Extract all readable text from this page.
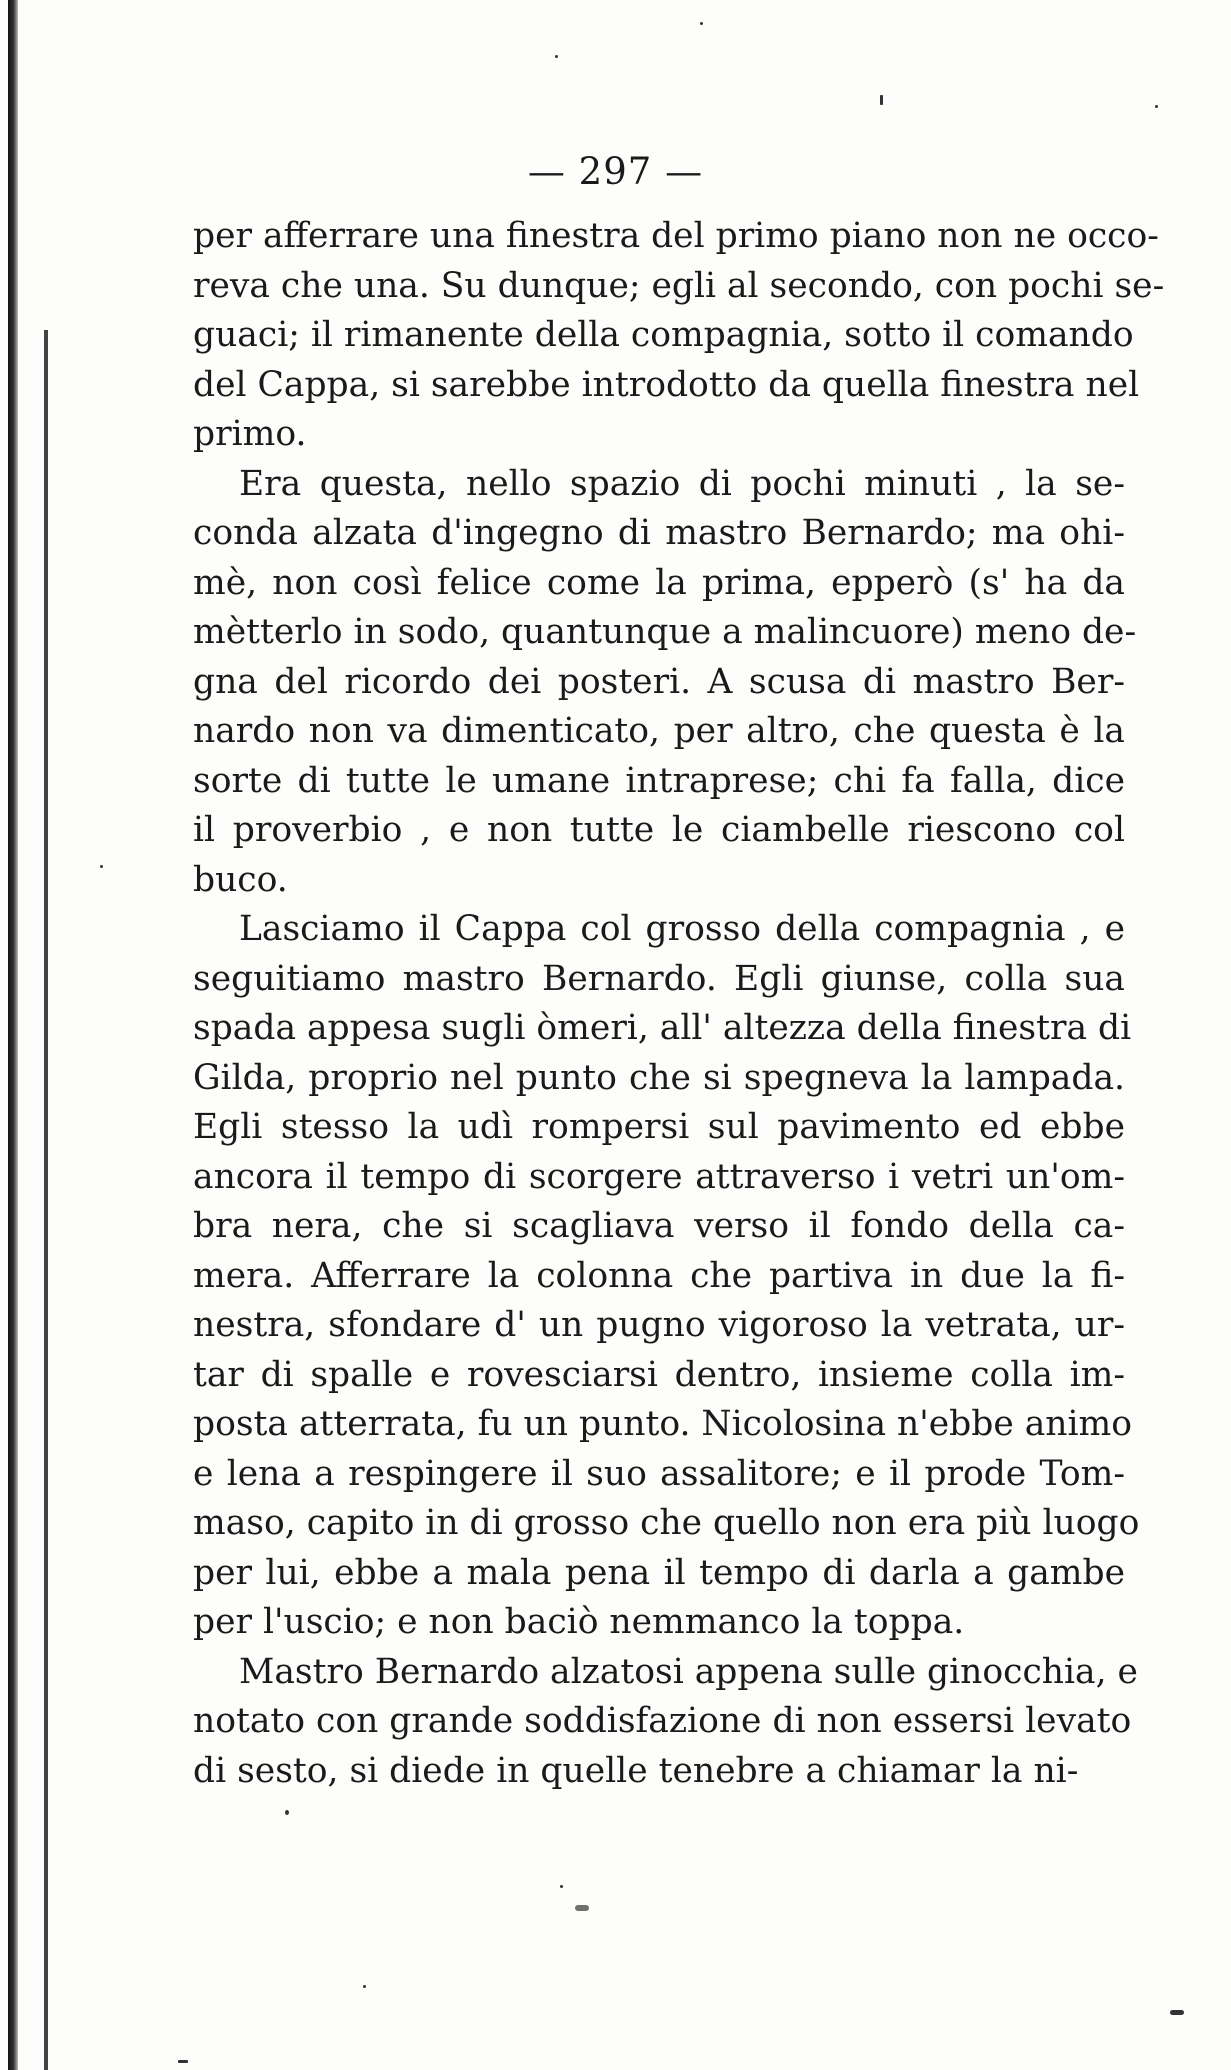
— 297 —
per afferrare una finestra del primo piano non ne occo-
reva che una. Su dunque; egli al secondo, con pochi se-
guaci; il rimanente della compagnia, sotto il comando
del Cappa, si sarebbe introdotto da quella finestra nel
primo.
Era questa, nello spazio di pochi minuti , la se-
conda alzata d'ingegno di mastro Bernardo; ma ohi-
mè, non così felice come la prima, epperò (s' ha da
mètterlo in sodo, quantunque a malincuore) meno de-
gna del ricordo dei posteri. A scusa di mastro Ber-
nardo non va dimenticato, per altro, che questa è la
sorte di tutte le umane intraprese; chi fa falla, dice
il proverbio , e non tutte le ciambelle riescono col
buco.
Lasciamo il Cappa col grosso della compagnia , e
seguitiamo mastro Bernardo. Egli giunse, colla sua
spada appesa sugli òmeri, all' altezza della finestra di
Gilda, proprio nel punto che si spegneva la lampada.
Egli stesso la udì rompersi sul pavimento ed ebbe
ancora il tempo di scorgere attraverso i vetri un'om-
bra nera, che si scagliava verso il fondo della ca-
mera. Afferrare la colonna che partiva in due la fi-
nestra, sfondare d' un pugno vigoroso la vetrata, ur-
tar di spalle e rovesciarsi dentro, insieme colla im-
posta atterrata, fu un punto. Nicolosina n'ebbe animo
e lena a respingere il suo assalitore; e il prode Tom-
maso, capito in di grosso che quello non era più luogo
per lui, ebbe a mala pena il tempo di darla a gambe
per l'uscio; e non baciò nemmanco la toppa.
Mastro Bernardo alzatosi appena sulle ginocchia, e
notato con grande soddisfazione di non essersi levato
di sesto, si diede in quelle tenebre a chiamar la ni-
